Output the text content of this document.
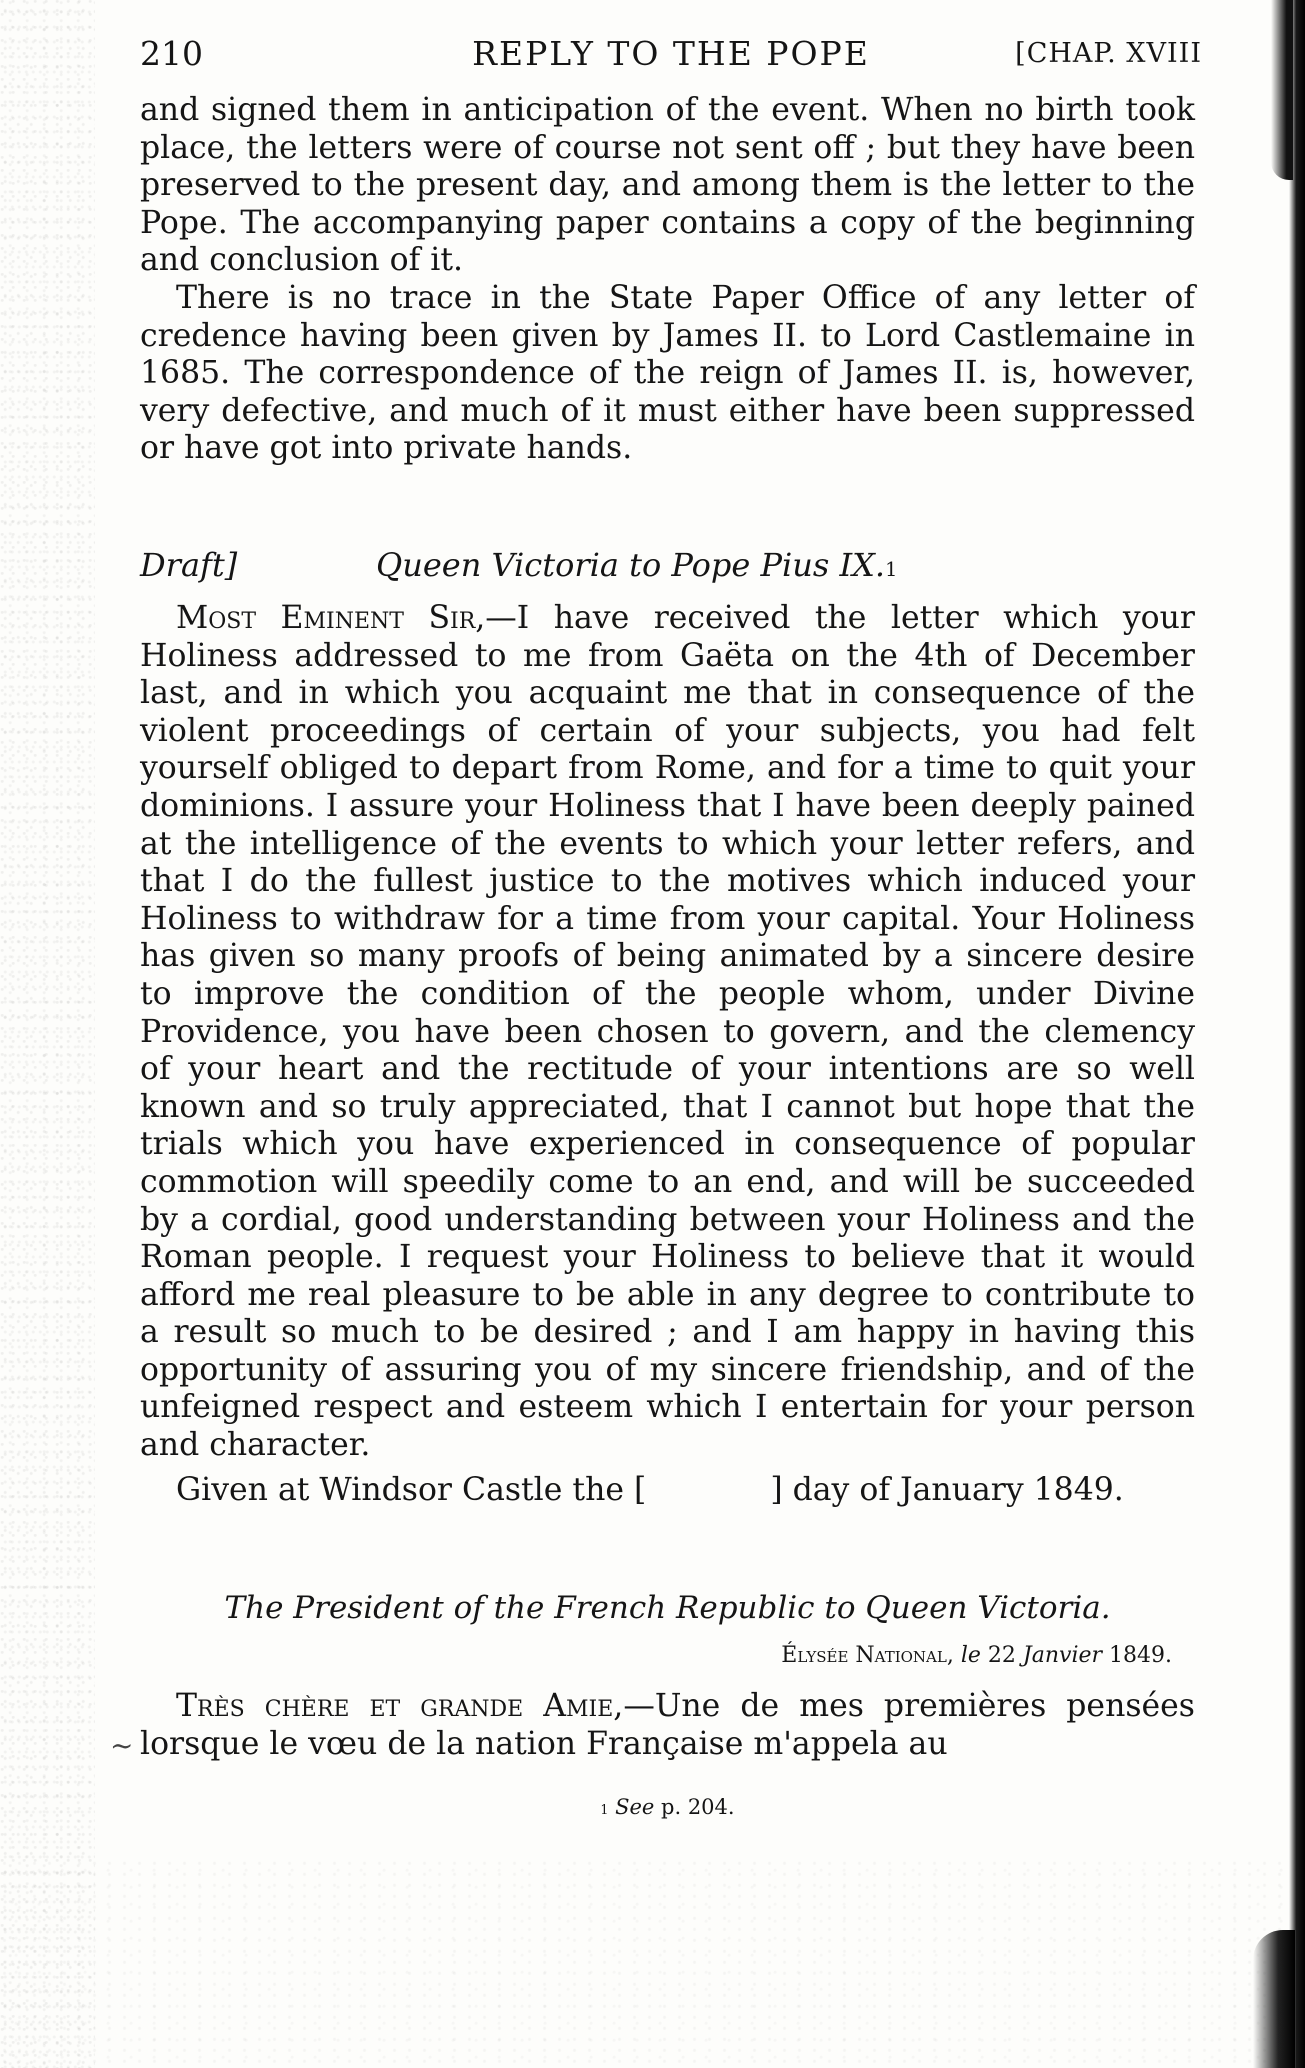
210	REPLY TO THE POPE	[CHAP. XVIII

and signed them in anticipation of the event. When no birth took place, the letters were of course not sent off ; but they have been preserved to the present day, and among them is the letter to the Pope. The accompanying paper contains a copy of the beginning and conclusion of it.

There is no trace in the State Paper Office of any letter of credence having been given by James II. to Lord Castlemaine in 1685. The correspondence of the reign of James II. is, however, very defective, and much of it must either have been suppressed or have got into private hands.

Draft]	Queen Victoria to Pope Pius IX.$^1$

Most Eminent Sir,—I have received the letter which your Holiness addressed to me from Gaëta on the 4th of December last, and in which you acquaint me that in consequence of the violent proceedings of certain of your subjects, you had felt yourself obliged to depart from Rome, and for a time to quit your dominions. I assure your Holiness that I have been deeply pained at the intelligence of the events to which your letter refers, and that I do the fullest justice to the motives which induced your Holiness to withdraw for a time from your capital. Your Holiness has given so many proofs of being animated by a sincere desire to improve the condition of the people whom, under Divine Providence, you have been chosen to govern, and the clemency of your heart and the rectitude of your intentions are so well known and so truly appreciated, that I cannot but hope that the trials which you have experienced in consequence of popular commotion will speedily come to an end, and will be succeeded by a cordial, good understanding between your Holiness and the Roman people. I request your Holiness to believe that it would afford me real pleasure to be able in any degree to contribute to a result so much to be desired ; and I am happy in having this opportunity of assuring you of my sincere friendship, and of the unfeigned respect and esteem which I entertain for your person and character.

Given at Windsor Castle the [	] day of January 1849.
The President of the French Republic to Queen Victoria.
Élysée National, le 22 Janvier 1849.

Très chère et grande Amie,—Une de mes premières pensées lorsque le vœu de la nation Française m'appela au

~
$^1$ See p. 204.
